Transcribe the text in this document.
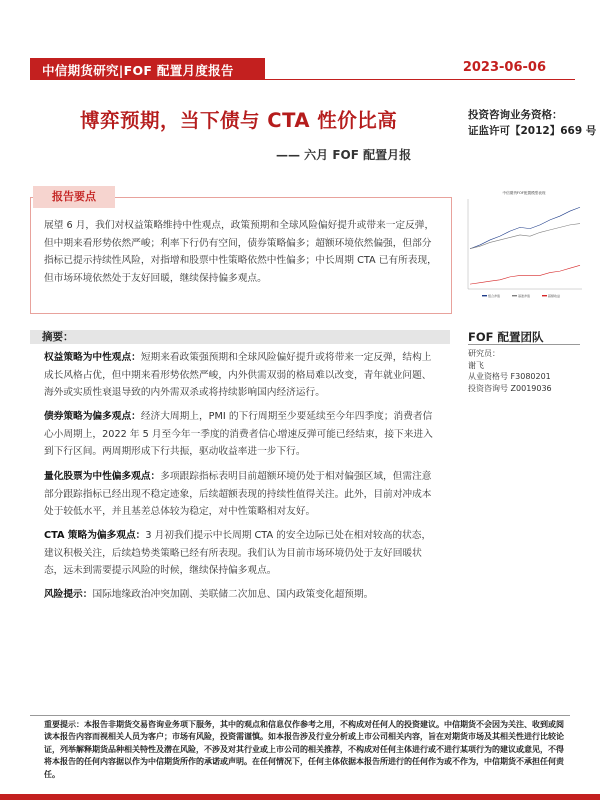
中信期货研究|FOF 配置月度报告	2023-06-06
博弈预期，当下债与 CTA 性价比高
—— 六月 FOF 配置月报
投资咨询业务资格：
证监许可【2012】669 号
报告要点
展望 6 月，我们对权益策略维持中性观点，政策预期和全球风险偏好提升或带来一定反弹，但中期来看形势依然严峻；利率下行仍有空间，债券策略偏多；超额环境依然偏强，但部分指标已提示持续性风险，对指增和股票中性策略依然中性偏多；中长周期 CTA 已有所表现，但市场环境依然处于友好回暖，继续保持偏多观点。
中信期货FOF配置模型表现
组合净值	基准净值	超额收益
摘要：
权益策略为中性观点：短期来看政策强预期和全球风险偏好提升或将带来一定反弹，结构上成长风格占优，但中期来看形势依然严峻，内外供需双弱的格局难以改变，青年就业问题、海外或实质性衰退导致的内外需双杀或将持续影响国内经济运行。
债券策略为偏多观点：经济大周期上，PMI 的下行周期至少要延续至今年四季度；消费者信心小周期上，2022 年 5 月至今年一季度的消费者信心增速反弹可能已经结束，接下来进入到下行区间。两周期形成下行共振，驱动收益率进一步下行。
量化股票为中性偏多观点：多项跟踪指标表明目前超额环境仍处于相对偏强区域，但需注意部分跟踪指标已经出现不稳定迹象，后续超额表现的持续性值得关注。此外，目前对冲成本处于较低水平，并且基差总体较为稳定，对中性策略相对友好。
CTA 策略为偏多观点：3 月初我们提示中长周期 CTA 的安全边际已处在相对较高的状态，建议积极关注，后续趋势类策略已经有所表现。我们认为目前市场环境仍处于友好回暖状态，远未到需要提示风险的时候，继续保持偏多观点。
风险提示：国际地缘政治冲突加剧、美联储二次加息、国内政策变化超预期。
FOF 配置团队
研究员：
谢飞
从业资格号 F3080201
投资咨询号 Z0019036
重要提示：本报告非期货交易咨询业务项下服务，其中的观点和信息仅作参考之用，不构成对任何人的投资建议。中信期货不会因为关注、收到或阅读本报告内容而视相关人员为客户；市场有风险，投资需谨慎。如本报告涉及行业分析或上市公司相关内容，旨在对期货市场及其相关性进行比较论证，列举解释期货品种相关特性及潜在风险，不涉及对其行业或上市公司的相关推荐，不构成对任何主体进行或不进行某项行为的建议或意见，不得将本报告的任何内容据以作为中信期货所作的承诺或声明。在任何情况下，任何主体依据本报告所进行的任何作为或不作为，中信期货不承担任何责任。
